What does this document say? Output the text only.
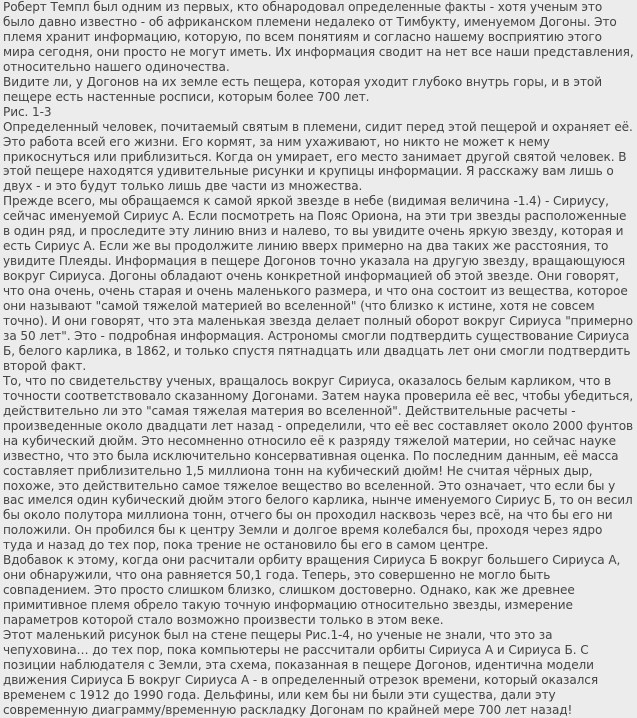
Роберт Темпл был одним из первых, кто обнародовал определенные факты - хотя ученым это было давно известно - об африканском племени недалеко от Тимбукту, именуемом Догоны. Это племя хранит информацию, которую, по всем понятиям и согласно нашему восприятию этого мира сегодня, они просто не могут иметь. Их информация сводит на нет все наши представления, относительно нашего одиночества.

Видите ли, у Догонов на их земле есть пещера, которая уходит глубоко внутрь горы, и в этой пещере есть настенные росписи, которым более 700 лет.

Рис. 1-3

Определенный человек, почитаемый святым в племени, сидит перед этой пещерой и охраняет её. Это работа всей его жизни. Его кормят, за ним ухаживают, но никто не может к нему прикоснуться или приблизиться. Когда он умирает, его место занимает другой святой человек. В этой пещере находятся удивительные рисунки и крупицы информации. Я расскажу вам лишь о двух - и это будут только лишь две части из множества.

Прежде всего, мы обращаемся к самой яркой звезде в небе (видимая величина -1.4) - Сириусу, сейчас именуемой Сириус А. Если посмотреть на Пояс Ориона, на эти три звезды расположенные в один ряд, и проследите эту линию вниз и налево, то вы увидите очень яркую звезду, которая и есть Сириус А. Если же вы продолжите линию вверх примерно на два таких же расстояния, то увидите Плеяды. Информация в пещере Догонов точно указала на другую звезду, вращающуюся вокруг Сириуса. Догоны обладают очень конкретной информацией об этой звезде. Они говорят, что она очень, очень старая и очень маленького размера, и что она состоит из вещества, которое они называют "самой тяжелой материей во вселенной" (что близко к истине, хотя не совсем точно). И они говорят, что эта маленькая звезда делает полный оборот вокруг Сириуса "примерно за 50 лет". Это - подробная информация. Астрономы смогли подтвердить существование Сириуса Б, белого карлика, в 1862, и только спустя пятнадцать или двадцать лет они смогли подтвердить второй факт.

То, что по свидетельству ученых, вращалось вокруг Сириуса, оказалось белым карликом, что в точности соответствовало сказанному Догонами. Затем наука проверила её вес, чтобы убедиться, действительно ли это "самая тяжелая материя во вселенной". Действительные расчеты - произведенные около двадцати лет назад - определили, что её вес составляет около 2000 фунтов на кубический дюйм. Это несомненно относило её к разряду тяжелой материи, но сейчас науке известно, что это была исключительно консервативная оценка. По последним данным, её масса составляет приблизительно 1,5 миллиона тонн на кубический дюйм! Не считая чёрных дыр, похоже, это действительно самое тяжелое вещество во вселенной. Это означает, что если бы у вас имелся один кубический дюйм этого белого карлика, нынче именуемого Сириус Б, то он весил бы около полутора миллиона тонн, отчего бы он проходил насквозь через всё, на что бы его ни положили. Он пробился бы к центру Земли и долгое время колебался бы, проходя через ядро туда и назад до тех пор, пока трение не остановило бы его в самом центре.

Вдобавок к этому, когда они расчитали орбиту вращения Сириуса Б вокруг большего Сириуса А, они обнаружили, что она равняется 50,1 года. Теперь, это совершенно не могло быть совпадением. Это просто слишком близко, слишком достоверно. Однако, как же древнее примитивное племя обрело такую точную информацию относительно звезды, измерение параметров которой стало возможно произвести только в этом веке.

Этот маленький рисунок был на стене пещеры Рис.1-4, но ученые не знали, что это за чепуховина… до тех пор, пока компьютеры не рассчитали орбиты Сириуса А и Сириуса Б. С позиции наблюдателя с Земли, эта схема, показанная в пещере Догонов, идентична модели движения Сириуса Б вокруг Сириуса А - в определенный отрезок времени, который оказался временем с 1912 до 1990 года. Дельфины, или кем бы ни были эти существа, дали эту современную диаграмму/временную раскладку Догонам по крайней мере 700 лет назад!
